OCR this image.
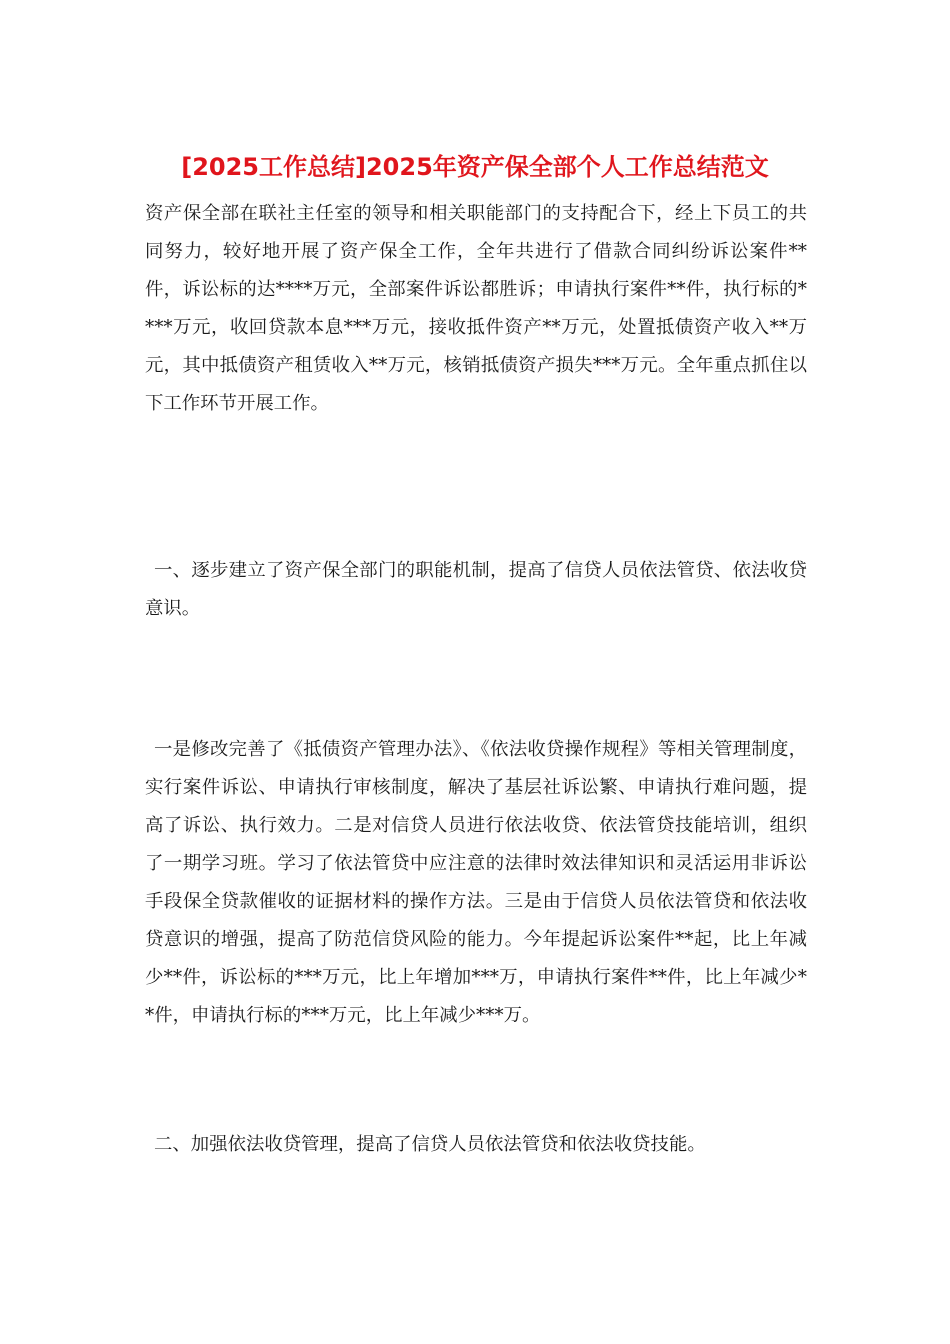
[2025工作总结]2025年资产保全部个人工作总结范文

资产保全部在联社主任室的领导和相关职能部门的支持配合下，经上下员工的共同努力，较好地开展了资产保全工作，全年共进行了借款合同纠纷诉讼案件**件，诉讼标的达****万元，全部案件诉讼都胜诉；申请执行案件**件，执行标的****万元，收回贷款本息***万元，接收抵件资产**万元，处置抵债资产收入**万元，其中抵债资产租赁收入**万元，核销抵债资产损失***万元。全年重点抓住以下工作环节开展工作。

一、逐步建立了资产保全部门的职能机制，提高了信贷人员依法管贷、依法收贷意识。

一是修改完善了《抵债资产管理办法》、《依法收贷操作规程》等相关管理制度，实行案件诉讼、申请执行审核制度，解决了基层社诉讼繁、申请执行难问题，提高了诉讼、执行效力。二是对信贷人员进行依法收贷、依法管贷技能培训，组织了一期学习班。学习了依法管贷中应注意的法律时效法律知识和灵活运用非诉讼手段保全贷款催收的证据材料的操作方法。三是由于信贷人员依法管贷和依法收贷意识的增强，提高了防范信贷风险的能力。今年提起诉讼案件**起，比上年减少**件，诉讼标的***万元，比上年增加***万，申请执行案件**件，比上年减少**件，申请执行标的***万元，比上年减少***万。

二、加强依法收贷管理，提高了信贷人员依法管贷和依法收贷技能。
